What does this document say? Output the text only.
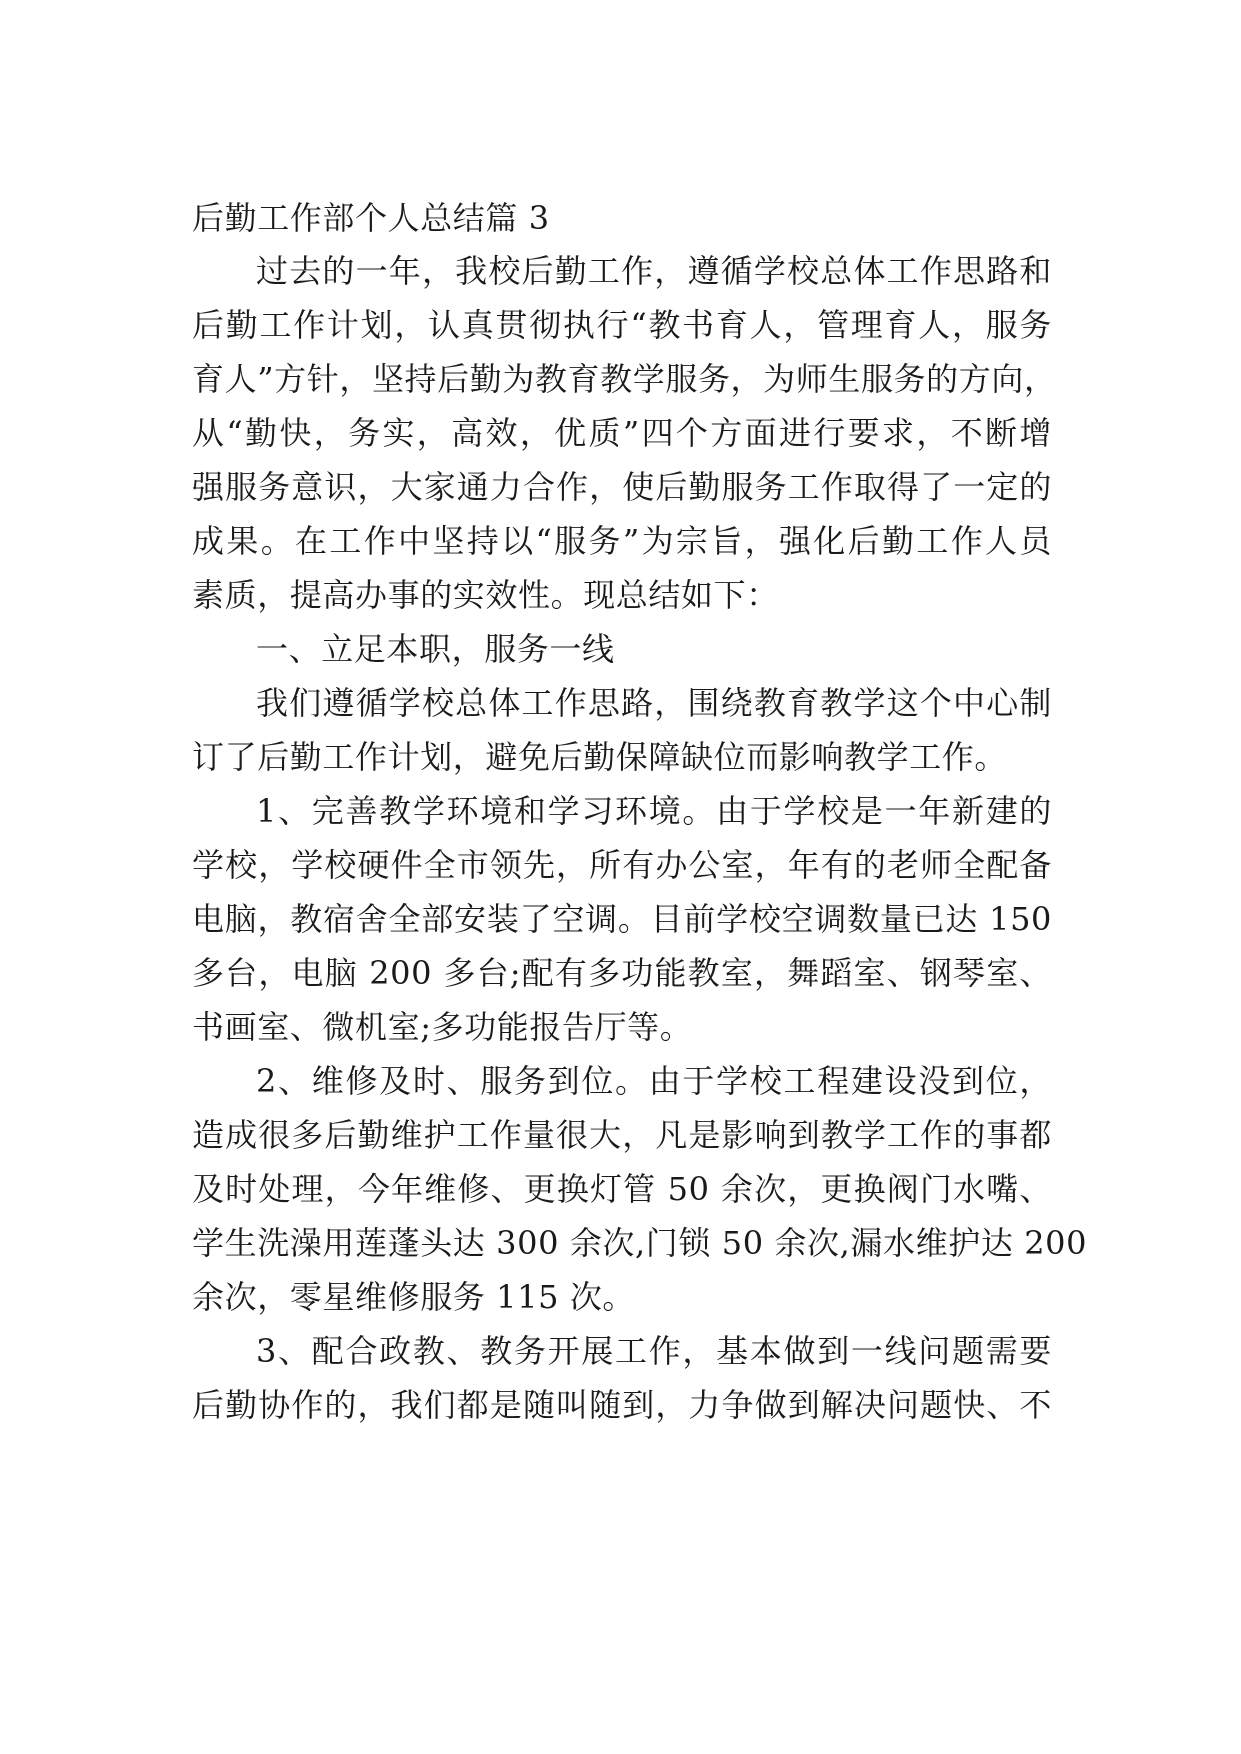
后勤工作部个人总结篇 3
过去的一年，我校后勤工作，遵循学校总体工作思路和
后勤工作计划，认真贯彻执行“教书育人，管理育人，服务
育人”方针，坚持后勤为教育教学服务，为师生服务的方向，
从“勤快，务实，高效，优质”四个方面进行要求，不断增
强服务意识，大家通力合作，使后勤服务工作取得了一定的
成果。在工作中坚持以“服务”为宗旨，强化后勤工作人员
素质，提高办事的实效性。现总结如下：
一、立足本职，服务一线
我们遵循学校总体工作思路，围绕教育教学这个中心制
订了后勤工作计划，避免后勤保障缺位而影响教学工作。
1、完善教学环境和学习环境。由于学校是一年新建的
学校，学校硬件全市领先，所有办公室，年有的老师全配备
电脑，教宿舍全部安装了空调。目前学校空调数量已达 150
多台，电脑 200 多台;配有多功能教室，舞蹈室、钢琴室、
书画室、微机室;多功能报告厅等。
2、维修及时、服务到位。由于学校工程建设没到位，
造成很多后勤维护工作量很大，凡是影响到教学工作的事都
及时处理，今年维修、更换灯管 50 余次，更换阀门水嘴、
学生洗澡用莲蓬头达 300 余次,门锁 50 余次,漏水维护达 200
余次，零星维修服务 115 次。
3、配合政教、教务开展工作，基本做到一线问题需要
后勤协作的，我们都是随叫随到，力争做到解决问题快、不
